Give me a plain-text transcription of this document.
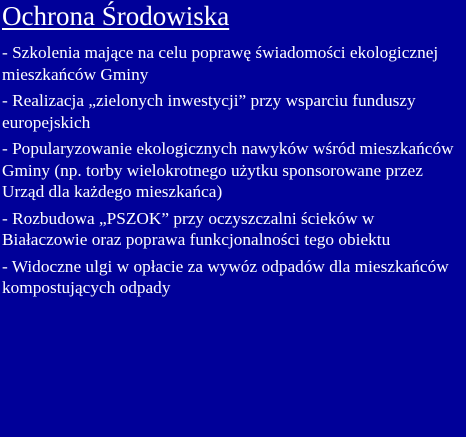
Ochrona Środowiska
- Szkolenia mające na celu poprawę świadomości ekologicznej mieszkańców Gminy
- Realizacja „zielonych inwestycji” przy wsparciu funduszy europejskich
- Popularyzowanie ekologicznych nawyków wśród mieszkańców Gminy (np. torby wielokrotnego użytku sponsorowane przez Urząd dla każdego mieszkańca)
- Rozbudowa „PSZOK” przy oczyszczalni ścieków w Białaczowie oraz poprawa funkcjonalności tego obiektu
- Widoczne ulgi w opłacie za wywóz odpadów dla mieszkańców kompostujących odpady
